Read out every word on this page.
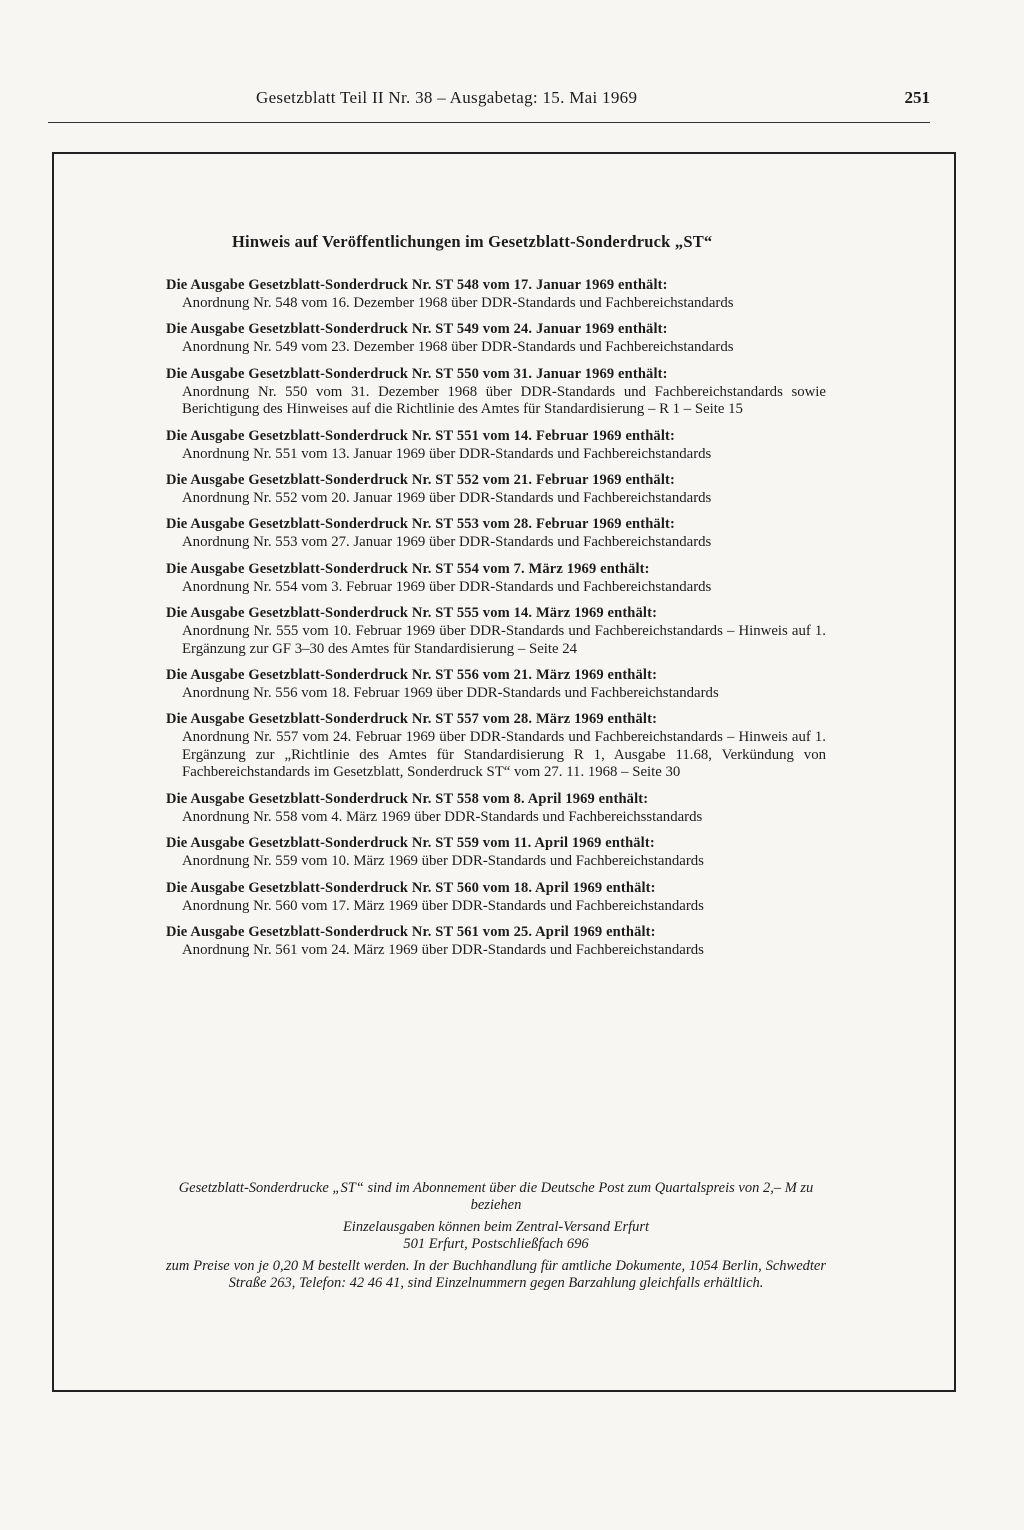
Gesetzblatt Teil II Nr. 38 – Ausgabetag: 15. Mai 1969	251
Hinweis auf Veröffentlichungen im Gesetzblatt-Sonderdruck „ST“
Die Ausgabe Gesetzblatt-Sonderdruck Nr. ST 548 vom 17. Januar 1969 enthält:
Anordnung Nr. 548 vom 16. Dezember 1968 über DDR-Standards und Fachbereichstandards
Die Ausgabe Gesetzblatt-Sonderdruck Nr. ST 549 vom 24. Januar 1969 enthält:
Anordnung Nr. 549 vom 23. Dezember 1968 über DDR-Standards und Fachbereichstandards
Die Ausgabe Gesetzblatt-Sonderdruck Nr. ST 550 vom 31. Januar 1969 enthält:
Anordnung Nr. 550 vom 31. Dezember 1968 über DDR-Standards und Fachbereichstandards sowie Berichtigung des Hinweises auf die Richtlinie des Amtes für Standardisierung – R 1 – Seite 15
Die Ausgabe Gesetzblatt-Sonderdruck Nr. ST 551 vom 14. Februar 1969 enthält:
Anordnung Nr. 551 vom 13. Januar 1969 über DDR-Standards und Fachbereichstandards
Die Ausgabe Gesetzblatt-Sonderdruck Nr. ST 552 vom 21. Februar 1969 enthält:
Anordnung Nr. 552 vom 20. Januar 1969 über DDR-Standards und Fachbereichstandards
Die Ausgabe Gesetzblatt-Sonderdruck Nr. ST 553 vom 28. Februar 1969 enthält:
Anordnung Nr. 553 vom 27. Januar 1969 über DDR-Standards und Fachbereichstandards
Die Ausgabe Gesetzblatt-Sonderdruck Nr. ST 554 vom 7. März 1969 enthält:
Anordnung Nr. 554 vom 3. Februar 1969 über DDR-Standards und Fachbereichstandards
Die Ausgabe Gesetzblatt-Sonderdruck Nr. ST 555 vom 14. März 1969 enthält:
Anordnung Nr. 555 vom 10. Februar 1969 über DDR-Standards und Fachbereichstandards – Hinweis auf 1. Ergänzung zur GF 3–30 des Amtes für Standardisierung – Seite 24
Die Ausgabe Gesetzblatt-Sonderdruck Nr. ST 556 vom 21. März 1969 enthält:
Anordnung Nr. 556 vom 18. Februar 1969 über DDR-Standards und Fachbereichstandards
Die Ausgabe Gesetzblatt-Sonderdruck Nr. ST 557 vom 28. März 1969 enthält:
Anordnung Nr. 557 vom 24. Februar 1969 über DDR-Standards und Fachbereichstandards – Hinweis auf 1. Ergänzung zur „Richtlinie des Amtes für Standardisierung R 1, Ausgabe 11.68, Verkündung von Fachbereichstandards im Gesetzblatt, Sonderdruck ST“ vom 27. 11. 1968 – Seite 30
Die Ausgabe Gesetzblatt-Sonderdruck Nr. ST 558 vom 8. April 1969 enthält:
Anordnung Nr. 558 vom 4. März 1969 über DDR-Standards und Fachbereichsstandards
Die Ausgabe Gesetzblatt-Sonderdruck Nr. ST 559 vom 11. April 1969 enthält:
Anordnung Nr. 559 vom 10. März 1969 über DDR-Standards und Fachbereichstandards
Die Ausgabe Gesetzblatt-Sonderdruck Nr. ST 560 vom 18. April 1969 enthält:
Anordnung Nr. 560 vom 17. März 1969 über DDR-Standards und Fachbereichstandards
Die Ausgabe Gesetzblatt-Sonderdruck Nr. ST 561 vom 25. April 1969 enthält:
Anordnung Nr. 561 vom 24. März 1969 über DDR-Standards und Fachbereichstandards

Gesetzblatt-Sonderdrucke „ST“ sind im Abonnement über die Deutsche Post zum Quartalspreis von 2,– M zu beziehen

Einzelausgaben können beim Zentral-Versand Erfurt

501 Erfurt, Postschließfach 696

zum Preise von je 0,20 M bestellt werden. In der Buchhandlung für amtliche Dokumente, 1054 Berlin, Schwedter Straße 263, Telefon: 42 46 41, sind Einzelnummern gegen Barzahlung gleichfalls erhältlich.
